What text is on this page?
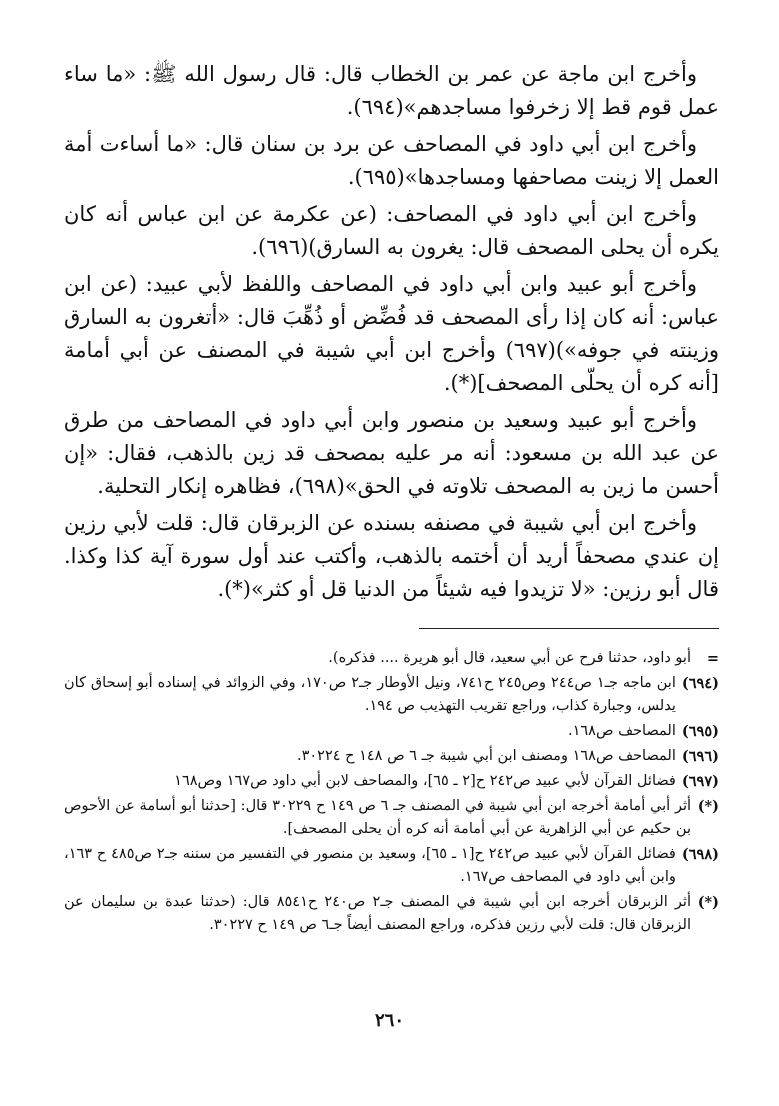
وأخرج ابن ماجة عن عمر بن الخطاب قال: قال رسول الله ﷺ: «ما ساء عمل قوم قط إلا زخرفوا مساجدهم»(٦٩٤).

وأخرج ابن أبي داود في المصاحف عن برد بن سنان قال: «ما أساءت أمة العمل إلا زينت مصاحفها ومساجدها»(٦٩٥).

وأخرج ابن أبي داود في المصاحف: (عن عكرمة عن ابن عباس أنه كان يكره أن يحلى المصحف قال: يغرون به السارق)(٦٩٦).

وأخرج أبو عبيد وابن أبي داود في المصاحف واللفظ لأبي عبيد: (عن ابن عباس: أنه كان إذا رأى المصحف قد فُضِّض أو ذُهِّبَ قال: «أتغرون به السارق وزينته في جوفه»)(٦٩٧) وأخرج ابن أبي شيبة في المصنف عن أبي أمامة [أنه كره أن يحلّى المصحف](*).

وأخرج أبو عبيد وسعيد بن منصور وابن أبي داود في المصاحف من طرق عن عبد الله بن مسعود: أنه مر عليه بمصحف قد زين بالذهب، فقال: «إن أحسن ما زين به المصحف تلاوته في الحق»(٦٩٨)، فظاهره إنكار التحلية.

وأخرج ابن أبي شيبة في مصنفه بسنده عن الزبرقان قال: قلت لأبي رزين إن عندي مصحفاً أريد أن أختمه بالذهب، وأكتب عند أول سورة آية كذا وكذا. قال أبو رزين: «لا تزيدوا فيه شيئاً من الدنيا قل أو كثر»(*).

=
أبو داود، حدثنا فرح عن أبي سعيد، قال أبو هريرة .... فذكره).
(٦٩٤)
ابن ماجه جـ١ ص٢٤٤ وص٢٤٥ ح٧٤١، ونيل الأوطار جـ٢ ص١٧٠، وفي الزوائد في إسناده أبو إسحاق كان يدلس، وجبارة كذاب، وراجع تقريب التهذيب ص ١٩٤.
(٦٩٥)
المصاحف ص١٦٨.
(٦٩٦)
المصاحف ص١٦٨ ومصنف ابن أبي شيبة جـ ٦ ص ١٤٨ ح ٣٠٢٢٤.
(٦٩٧)
فضائل القرآن لأبي عبيد ص٢٤٢ ح[٢ ـ ٦٥]، والمصاحف لابن أبي داود ص١٦٧ وص١٦٨
(*)
أثر أبي أمامة أخرجه ابن أبي شيبة في المصنف جـ ٦ ص ١٤٩ ح ٣٠٢٢٩ قال: [حدثنا أبو أسامة عن الأحوص بن حكيم عن أبي الزاهرية عن أبي أمامة أنه كره أن يحلى المصحف].
(٦٩٨)
فضائل القرآن لأبي عبيد ص٢٤٢ ح[١ ـ ٦٥]، وسعيد بن منصور في التفسير من سننه جـ٢ ص٤٨٥ ح ١٦٣، وابن أبي داود في المصاحف ص١٦٧.
(*)
أثر الزبرقان أخرجه ابن أبي شيبة في المصنف جـ٢ ص٢٤٠ ح٨٥٤١ قال: (حدثنا عبدة بن سليمان عن الزبرقان قال: قلت لأبي رزين فذكره، وراجع المصنف أيضاً جـ٦ ص ١٤٩ ح ٣٠٢٢٧.
٢٦٠
